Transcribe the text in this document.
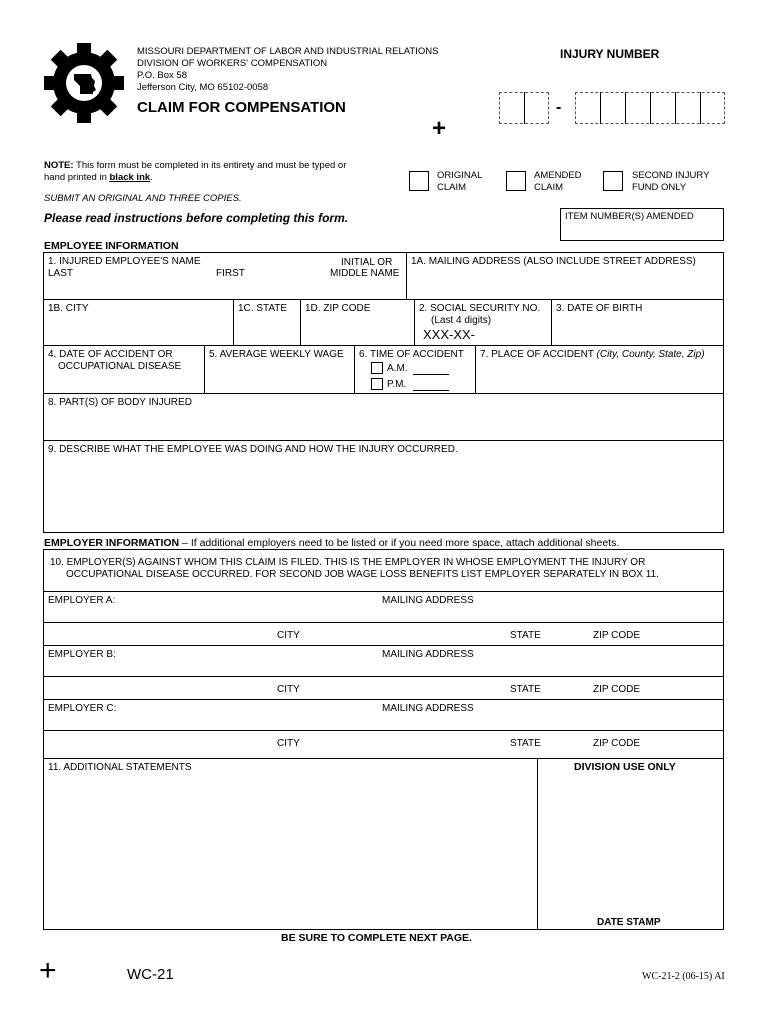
MISSOURI DEPARTMENT OF LABOR AND INDUSTRIAL RELATIONS
DIVISION OF WORKERS' COMPENSATION
P.O. Box 58
Jefferson City, MO 65102-0058
CLAIM FOR COMPENSATION
+
INJURY NUMBER
-
NOTE: This form must be completed in its entirety and must be typed or
hand printed in black ink.
SUBMIT AN ORIGINAL AND THREE COPIES.
Please read instructions before completing this form.
ORIGINAL
CLAIM
AMENDED
CLAIM
SECOND INJURY
FUND ONLY
ITEM NUMBER(S) AMENDED
EMPLOYEE INFORMATION
1. INJURED EMPLOYEE'S NAME
LAST	FIRST
INITIAL OR
MIDDLE NAME
1A. MAILING ADDRESS (ALSO INCLUDE STREET ADDRESS)
1B. CITY	1C. STATE	1D. ZIP CODE	2. SOCIAL SECURITY NO.
(Last 4 digits)
XXX-XX-
3. DATE OF BIRTH
4. DATE OF ACCIDENT OR
OCCUPATIONAL DISEASE
5. AVERAGE WEEKLY WAGE	6. TIME OF ACCIDENT
A.M.
P.M.
7. PLACE OF ACCIDENT (City, County, State, Zip)
8. PART(S) OF BODY INJURED
9. DESCRIBE WHAT THE EMPLOYEE WAS DOING AND HOW THE INJURY OCCURRED.
EMPLOYER INFORMATION – If additional employers need to be listed or if you need more space, attach additional sheets.
10. EMPLOYER(S) AGAINST WHOM THIS CLAIM IS FILED. THIS IS THE EMPLOYER IN WHOSE EMPLOYMENT THE INJURY OR
OCCUPATIONAL DISEASE OCCURRED. FOR SECOND JOB WAGE LOSS BENEFITS LIST EMPLOYER SEPARATELY IN BOX 11.
EMPLOYER A:	MAILING ADDRESS
CITY	STATE	ZIP CODE
EMPLOYER B:	MAILING ADDRESS
CITY	STATE	ZIP CODE
EMPLOYER C:	MAILING ADDRESS
CITY	STATE	ZIP CODE
11. ADDITIONAL STATEMENTS	DIVISION USE ONLY
DATE STAMP
BE SURE TO COMPLETE NEXT PAGE.
+	WC-21	WC-21-2 (06-15) AI
